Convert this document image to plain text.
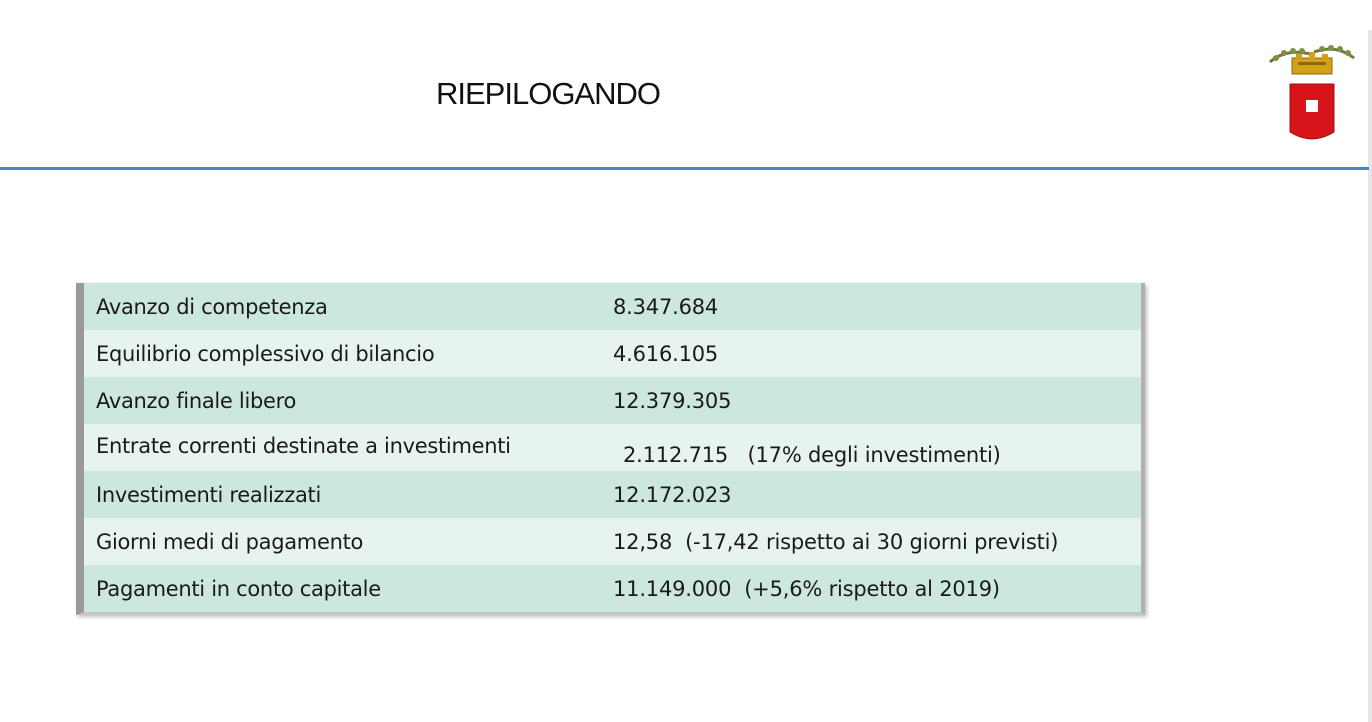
RIEPILOGANDO
Avanzo di competenza	8.347.684
Equilibrio complessivo di bilancio	4.616.105
Avanzo finale libero	12.379.305
Entrate correnti destinate a investimenti	2.112.715   (17% degli investimenti)
Investimenti realizzati	12.172.023
Giorni medi di pagamento	12,58  (-17,42 rispetto ai 30 giorni previsti)
Pagamenti in conto capitale	11.149.000  (+5,6% rispetto al 2019)
